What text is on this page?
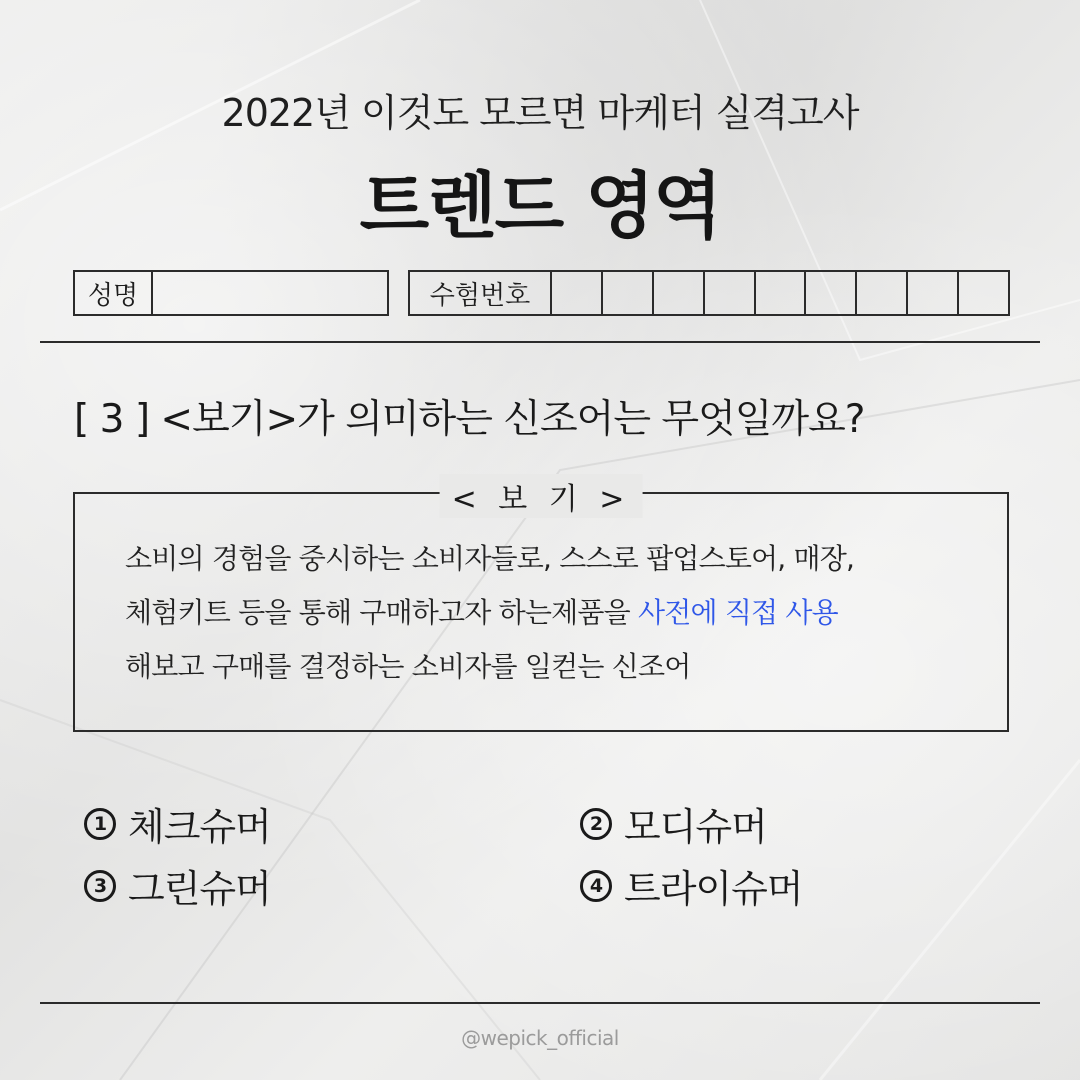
2022년 이것도 모르면 마케터 실격고사
트렌드 영역
성명	수험번호
[ 3 ] <보기>가 의미하는 신조어는 무엇일까요?
< 보 기 >
소비의 경험을 중시하는 소비자들로, 스스로 팝업스토어, 매장,
체험키트 등을 통해 구매하고자 하는제품을 사전에 직접 사용
해보고 구매를 결정하는 소비자를 일컫는 신조어
1 체크슈머	2 모디슈머
3 그린슈머	4 트라이슈머
@wepick_official
